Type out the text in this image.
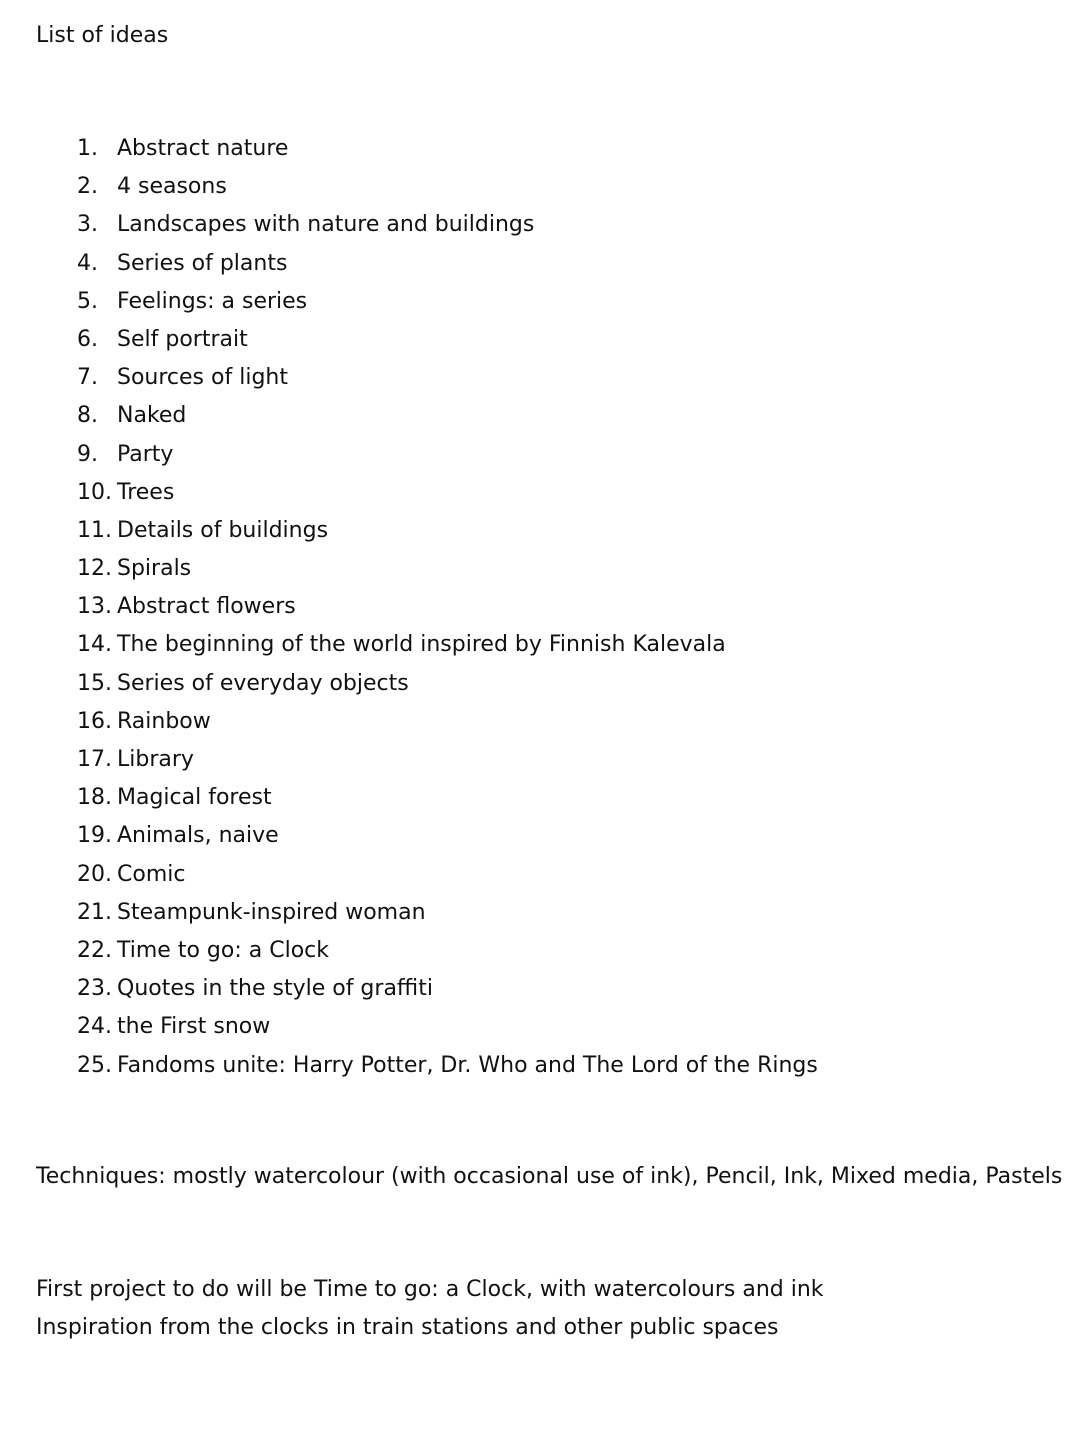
List of ideas
1. Abstract nature
2. 4 seasons
3. Landscapes with nature and buildings
4. Series of plants
5. Feelings: a series
6. Self portrait
7. Sources of light
8. Naked
9. Party
10. Trees
11. Details of buildings
12. Spirals
13. Abstract flowers
14. The beginning of the world inspired by Finnish Kalevala
15. Series of everyday objects
16. Rainbow
17. Library
18. Magical forest
19. Animals, naive
20. Comic
21. Steampunk-inspired woman
22. Time to go: a Clock
23. Quotes in the style of graffiti
24. the First snow
25. Fandoms unite: Harry Potter, Dr. Who and The Lord of the Rings
Techniques: mostly watercolour (with occasional use of ink), Pencil, Ink, Mixed media, Pastels
First project to do will be Time to go: a Clock, with watercolours and ink
Inspiration from the clocks in train stations and other public spaces
